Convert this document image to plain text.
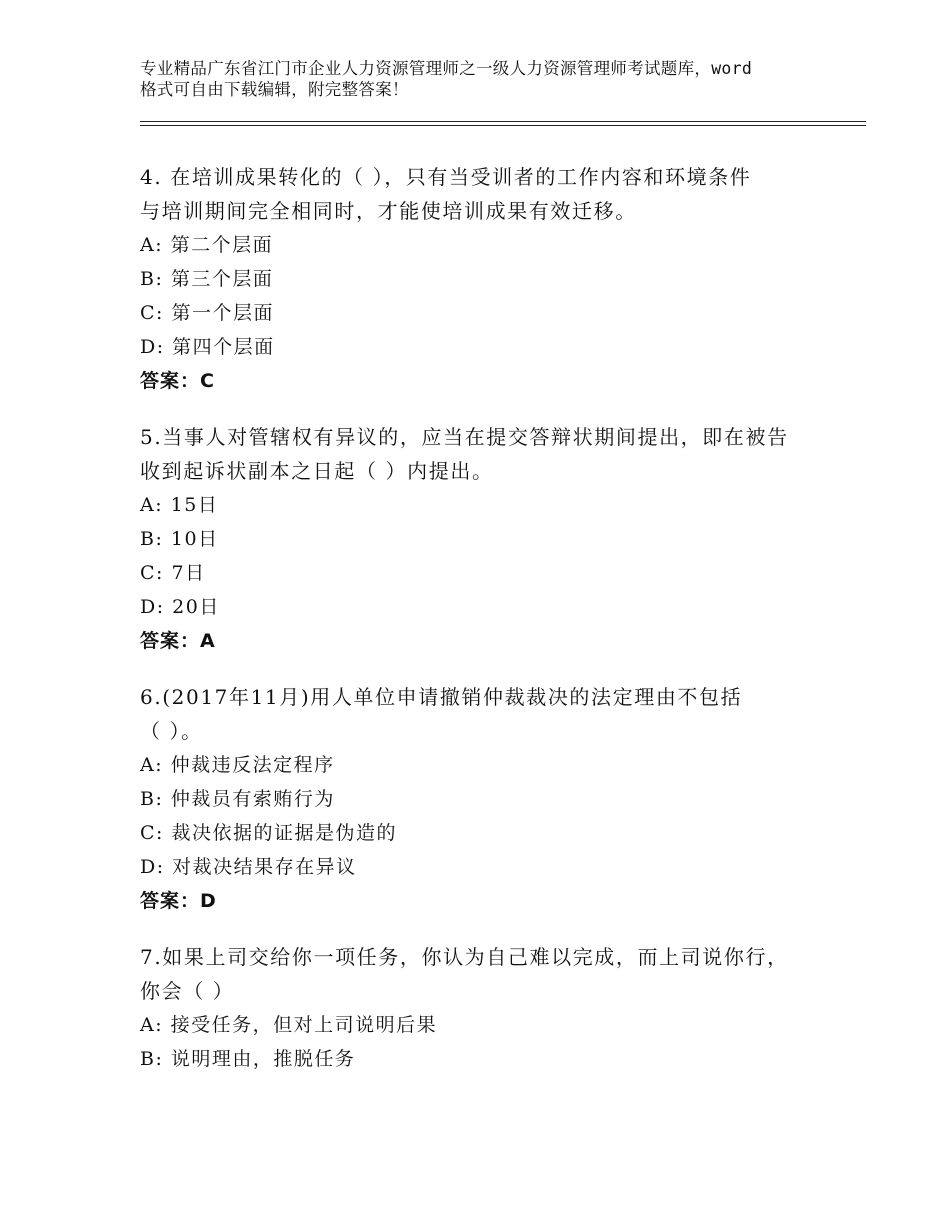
专业精品广东省江门市企业人力资源管理师之一级人力资源管理师考试题库，word
格式可自由下载编辑，附完整答案！
4. 在培训成果转化的（ ），只有当受训者的工作内容和环境条件
与培训期间完全相同时，才能使培训成果有效迁移。
A: 第二个层面
B: 第三个层面
C: 第一个层面
D: 第四个层面
答案：C
5.当事人对管辖权有异议的，应当在提交答辩状期间提出，即在被告
收到起诉状副本之日起（ ）内提出。
A: 15日
B: 10日
C: 7日
D: 20日
答案：A
6.(2017年11月)用人单位申请撤销仲裁裁决的法定理由不包括
（ ）。
A: 仲裁违反法定程序
B: 仲裁员有索贿行为
C: 裁决依据的证据是伪造的
D: 对裁决结果存在异议
答案：D
7.如果上司交给你一项任务，你认为自己难以完成，而上司说你行，
你会（ ）
A: 接受任务，但对上司说明后果
B: 说明理由，推脱任务
